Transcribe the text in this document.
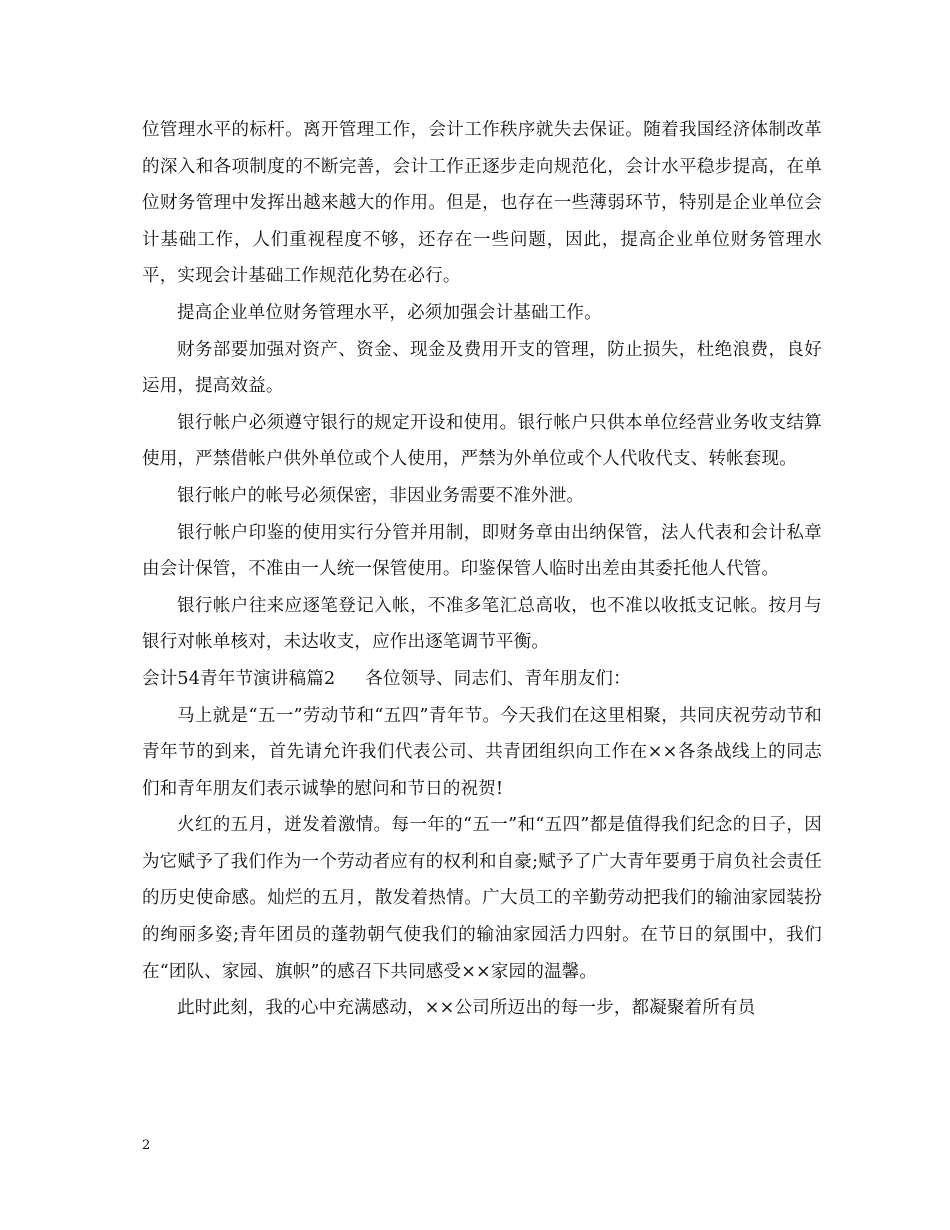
位管理水平的标杆。离开管理工作，会计工作秩序就失去保证。随着我国经济体制改革的深入和各项制度的不断完善，会计工作正逐步走向规范化，会计水平稳步提高，在单位财务管理中发挥出越来越大的作用。但是，也存在一些薄弱环节，特别是企业单位会计基础工作，人们重视程度不够，还存在一些问题，因此，提高企业单位财务管理水平，实现会计基础工作规范化势在必行。

提高企业单位财务管理水平，必须加强会计基础工作。

财务部要加强对资产、资金、现金及费用开支的管理，防止损失，杜绝浪费，良好运用，提高效益。

银行帐户必须遵守银行的规定开设和使用。银行帐户只供本单位经营业务收支结算使用，严禁借帐户供外单位或个人使用，严禁为外单位或个人代收代支、转帐套现。

银行帐户的帐号必须保密，非因业务需要不准外泄。

银行帐户印鉴的使用实行分管并用制，即财务章由出纳保管，法人代表和会计私章由会计保管，不准由一人统一保管使用。印鉴保管人临时出差由其委托他人代管。

银行帐户往来应逐笔登记入帐，不准多笔汇总高收，也不准以收抵支记帐。按月与银行对帐单核对，未达收支，应作出逐笔调节平衡。

会计54青年节演讲稿篇2 各位领导、同志们、青年朋友们：

马上就是“五一”劳动节和“五四”青年节。今天我们在这里相聚，共同庆祝劳动节和青年节的到来，首先请允许我们代表公司、共青团组织向工作在××各条战线上的同志们和青年朋友们表示诚挚的慰问和节日的祝贺!

火红的五月，迸发着激情。每一年的“五一”和“五四”都是值得我们纪念的日子，因为它赋予了我们作为一个劳动者应有的权利和自豪;赋予了广大青年要勇于肩负社会责任的历史使命感。灿烂的五月，散发着热情。广大员工的辛勤劳动把我们的输油家园装扮的绚丽多姿;青年团员的蓬勃朝气使我们的输油家园活力四射。在节日的氛围中，我们在“团队、家园、旗帜”的感召下共同感受××家园的温馨。

此时此刻，我的心中充满感动，××公司所迈出的每一步，都凝聚着所有员

2
